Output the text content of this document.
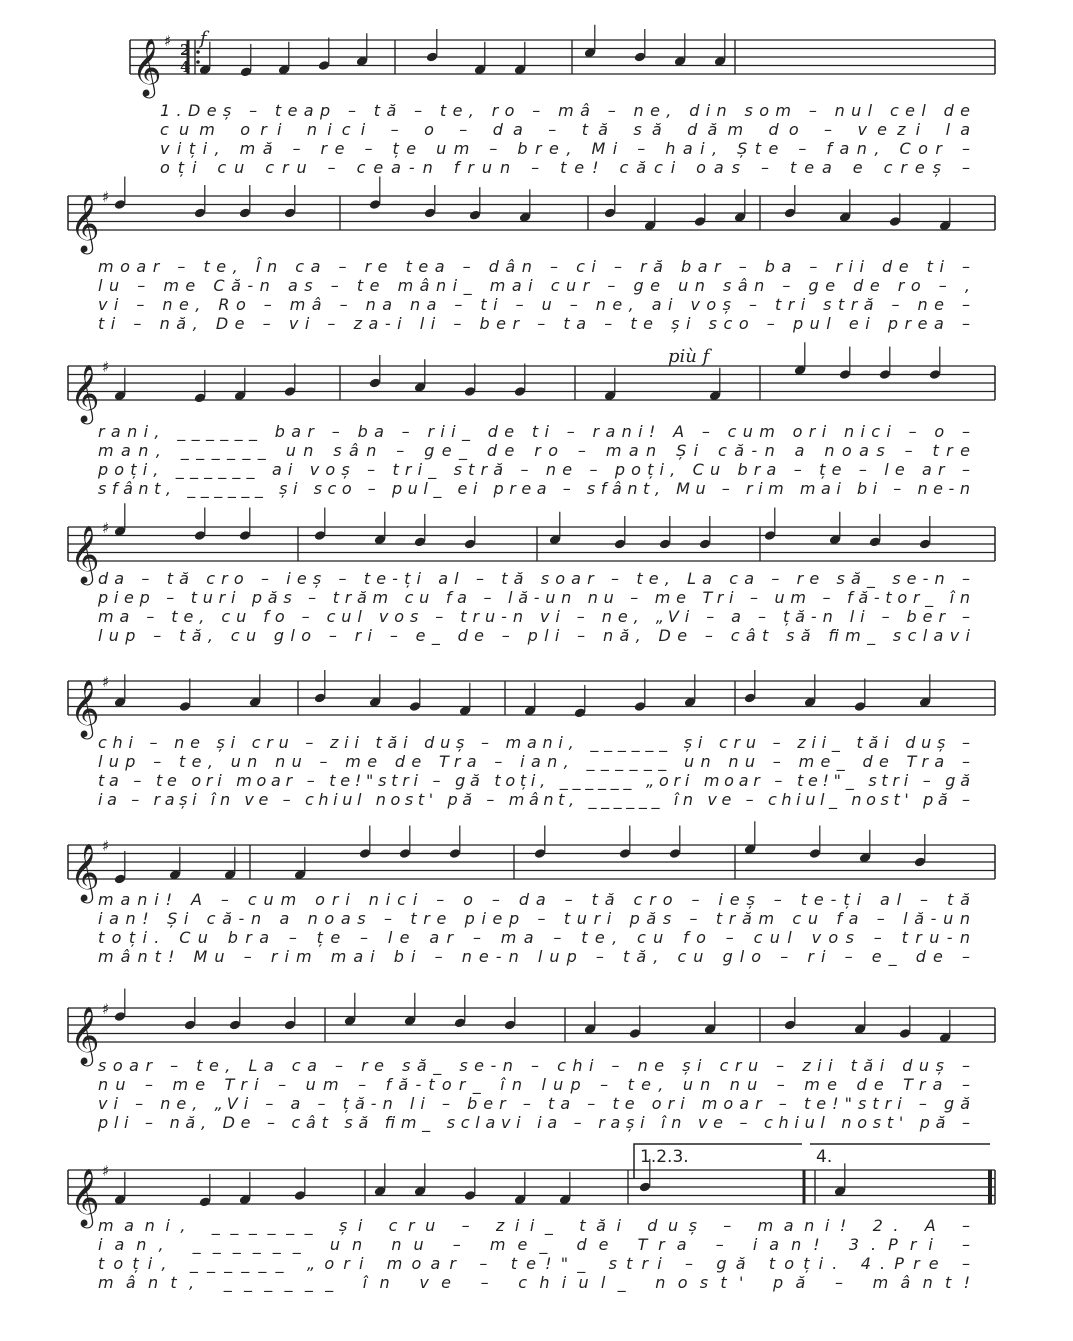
𝄞 ♯
1.Deș – teap – tă – te, ro – mâ – ne, din som – nul cel de
cum ori nici – o – da – tă să dăm do – vezi la
viți, mă – re – țe um – bre, Mi – hai, Ște – fan, Cor –
oți cu cru – cea-n frun – te! căci oas – tea e creș –
𝄞 ♯
moar – te, În ca – re tea – dân – ci – ră bar – ba – rii de ti –
lu – me Că-n as – te mâni_ mai cur – ge un sân – ge de ro – ,
vi – ne, Ro – mâ – na na – ti – u – ne, ai voș – tri stră – ne –
ti – nă, De – vi – za-i li – ber – ta – te și sco – pul ei prea –
𝄞 ♯
rani, ______ bar – ba – rii_ de ti – rani! A – cum ori nici – o –
man, ______ un sân – ge_ de ro – man Și că-n a noas – tre
poți, ______ ai voș – tri_ stră – ne – poți, Cu bra – țe – le ar –
sfânt, ______ și sco – pul_ ei prea – sfânt, Mu – rim mai bi – ne-n
𝄞 ♯
da – tă cro – ieș – te-ți al – tă soar – te, La ca – re să_ se-n –
piep – turi păs – trăm cu fa – lă-un nu – me Tri – um – fă-tor_ în
ma – te, cu fo – cul vos – tru-n vi – ne, „Vi – a – ță-n li – ber –
lup – tă, cu glo – ri – e_ de – pli – nă, De – cât să fim_ sclavi
𝄞 ♯
chi – ne și cru – zii tăi duș – mani, ______ și cru – zii_ tăi duș –
lup – te, un nu – me de Tra – ian, ______ un nu – me_ de Tra –
ta – te ori moar – te!"stri – gă toți, ______ „ori moar – te!"_ stri – gă
ia – rași în ve – chiul nost' pă – mânt, ______ în ve – chiul_ nost' pă –
𝄞 ♯
mani! A – cum ori nici – o – da – tă cro – ieș – te-ți al – tă
ian! Și că-n a noas – tre piep – turi păs – trăm cu fa – lă-un
toți. Cu bra – țe – le ar – ma – te, cu fo – cul vos – tru-n
mânt! Mu – rim mai bi – ne-n lup – tă, cu glo – ri – e_ de –
𝄞 ♯
soar – te, La ca – re să_ se-n – chi – ne și cru – zii tăi duș –
nu – me Tri – um – fă-tor_ în lup – te, un nu – me de Tra –
vi – ne, „Vi – a – ță-n li – ber – ta – te ori moar – te!"stri – gă
pli – nă, De – cât să fim_ sclavi ia – rași în ve – chiul nost' pă –
𝄞 ♯
mani, ______ și cru – zii_ tăi duș – mani! 2. A –
ian, ______ un nu – me_ de Tra – ian! 3.Pri –
toți, ______ „ori moar – te!"_ stri – gă toți. 4.Pre –
mânt, ______ în ve – chiul_ nost' pă – mânt!
2
4
f
più f
1.2.3.	4.
